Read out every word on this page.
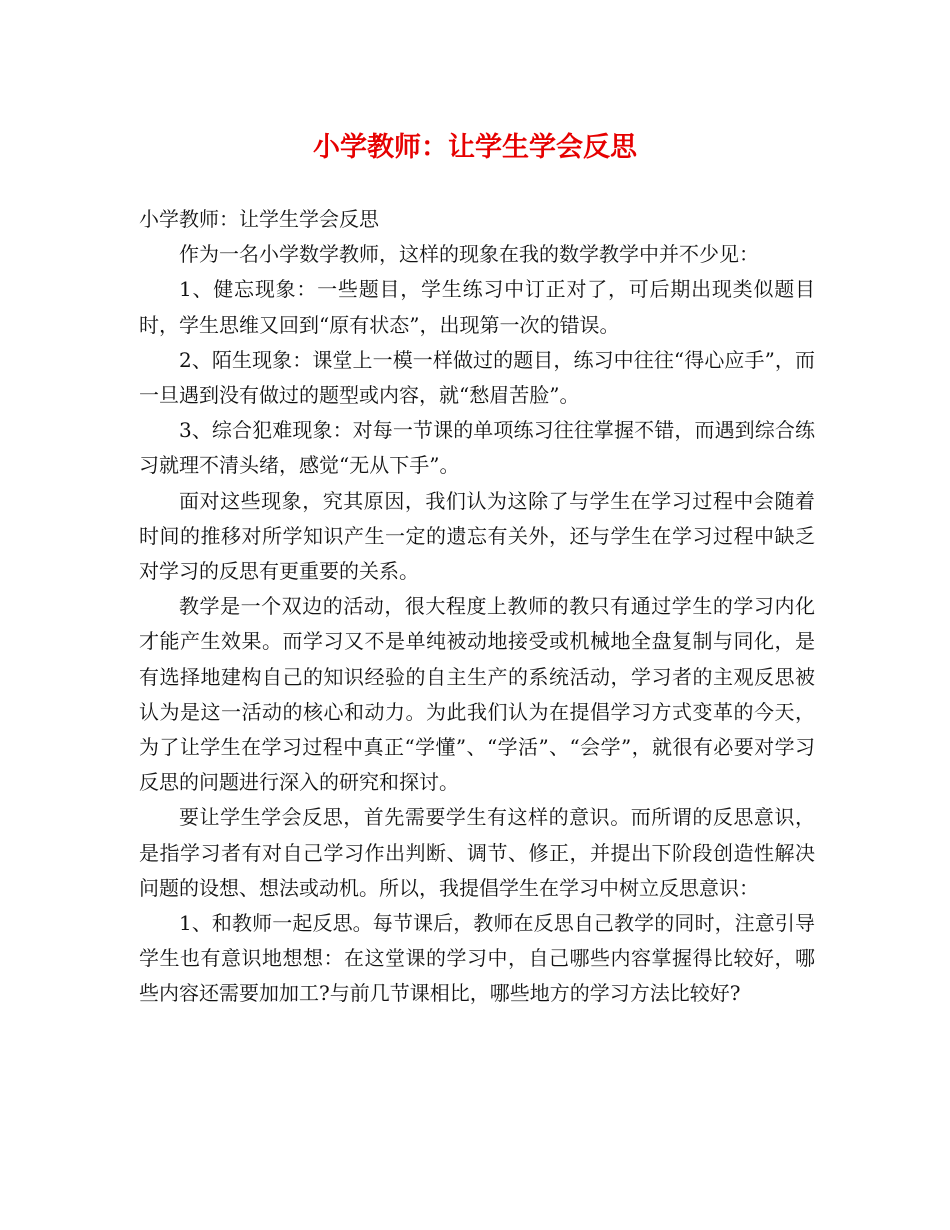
小学教师：让学生学会反思

小学教师：让学生学会反思

作为一名小学数学教师，这样的现象在我的数学教学中并不少见：

1、健忘现象：一些题目，学生练习中订正对了，可后期出现类似题目时，学生思维又回到“原有状态”，出现第一次的错误。

2、陌生现象：课堂上一模一样做过的题目，练习中往往“得心应手”，而一旦遇到没有做过的题型或内容，就“愁眉苦脸”。

3、综合犯难现象：对每一节课的单项练习往往掌握不错，而遇到综合练习就理不清头绪，感觉“无从下手”。

面对这些现象，究其原因，我们认为这除了与学生在学习过程中会随着时间的推移对所学知识产生一定的遗忘有关外，还与学生在学习过程中缺乏对学习的反思有更重要的关系。

教学是一个双边的活动，很大程度上教师的教只有通过学生的学习内化才能产生效果。而学习又不是单纯被动地接受或机械地全盘复制与同化，是有选择地建构自己的知识经验的自主生产的系统活动，学习者的主观反思被认为是这一活动的核心和动力。为此我们认为在提倡学习方式变革的今天，为了让学生在学习过程中真正“学懂”、“学活”、“会学”，就很有必要对学习反思的问题进行深入的研究和探讨。

要让学生学会反思，首先需要学生有这样的意识。而所谓的反思意识，是指学习者有对自己学习作出判断、调节、修正，并提出下阶段创造性解决问题的设想、想法或动机。所以，我提倡学生在学习中树立反思意识：

1、和教师一起反思。每节课后，教师在反思自己教学的同时，注意引导学生也有意识地想想：在这堂课的学习中，自己哪些内容掌握得比较好，哪些内容还需要加加工?与前几节课相比，哪些地方的学习方法比较好?
